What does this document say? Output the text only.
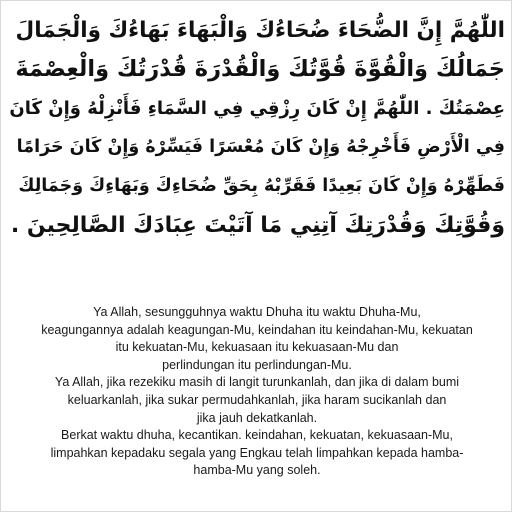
اللّٰهُمَّ إِنَّ الضُّحَاءَ ضُحَاءُكَ وَالْبَهَاءَ بَهَاءُكَ وَالْجَمَالَ
جَمَالُكَ وَالْقُوَّةَ قُوَّتُكَ وَالْقُدْرَةَ قُدْرَتُكَ وَالْعِصْمَةَ
عِصْمَتُكَ . اللّٰهُمَّ إِنْ كَانَ رِزْقِي فِي السَّمَاءِ فَأَنْزِلْهُ وَإِنْ كَانَ
فِي الْأَرْضِ فَأَخْرِجْهُ وَإِنْ كَانَ مُعْسَرًا فَيَسِّرْهُ وَإِنْ كَانَ حَرَامًا
فَطَهِّرْهُ وَإِنْ كَانَ بَعِيدًا فَقَرِّبْهُ بِحَقِّ ضُحَاءِكَ وَبَهَاءِكَ وَجَمَالِكَ
وَقُوَّتِكَ وَقُدْرَتِكَ آتِنِي مَا آتَيْتَ عِبَادَكَ الصَّالِحِينَ .
Ya Allah, sesungguhnya waktu Dhuha itu waktu Dhuha-Mu,
keagungannya adalah keagungan-Mu, keindahan itu keindahan-Mu, kekuatan
itu kekuatan-Mu, kekuasaan itu kekuasaan-Mu dan
perlindungan itu perlindungan-Mu.
Ya Allah, jika rezekiku masih di langit turunkanlah, dan jika di dalam bumi
keluarkanlah, jika sukar permudahkanlah, jika haram sucikanlah dan
jika jauh dekatkanlah.
Berkat waktu dhuha, kecantikan. keindahan, kekuatan, kekuasaan-Mu,
limpahkan kepadaku segala yang Engkau telah limpahkan kepada hamba-
hamba-Mu yang soleh.
